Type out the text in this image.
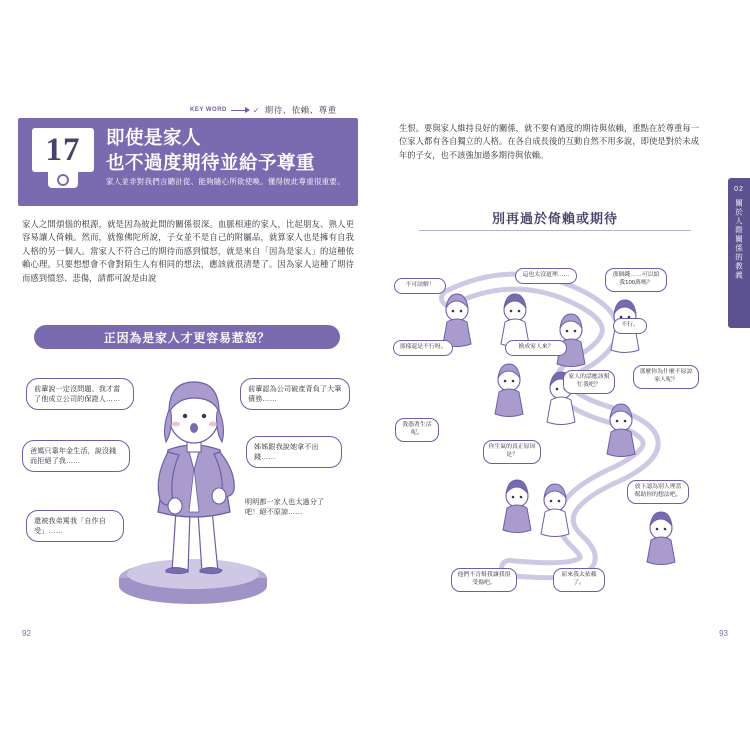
KEY WORD	✓ 期待、依賴、尊重
17	即使是家人
也不過度期待並給予尊重
家人並非對我們言聽計從、能夠隨心所欲使喚。懂得彼此尊重很重要。
家人之間煩惱的根源，就是因為彼此間的關係很深。血脈相連的家人，比起朋友、熟人更容易讓人倚賴。然而，就像佛陀所說，子女並不是自己的附屬品，就算家人也是擁有自我人格的另一個人。當家人不符合己的期待而感到憤怒，就是來自「因為是家人」的這種依賴心理。只要想想會不會對陌生人有相同的想法，應該就很清楚了。因為家人這種了期待而感到憤怒、悲傷，請都可說是由說
正因為是家人才更容易惹怒？
前輩說一定沒問題、我才當了他成立公司的保證人……
前輩認為公司破產背負了大筆債務……
爸媽只靠年金生活，說沒錢而拒絕了我……
姊姊跟我說她拿不出錢……
還被我弟罵我「自作自受」……
明明都一家人也太過分了吧！絕不原諒……
92
生恨。要與家人維持良好的關係，就不要有過度的期待與依賴，重點在於尊重每一位家人都有各自獨立的人格。在各自成長後的互動自然不用多說，即使是對於未成年的子女，也不該強加過多期待與依賴。
02
關於人際關係的教義
別再過於倚賴或期待
不可諒解！
這也太沒道理……	那個錢……可以給我100萬嗎？
不行。
那樣還是不行呀。	換成家人來？
家人的話應該幫忙我吧？
那麼你為什麼不原諒家人呢？
我憑著生活呢。
你生氣的真正原因是？
放下認為別人理當幫助你的想法吧。
他們不肯幫我讓我很受傷吧。
原來我太依賴了。
93
